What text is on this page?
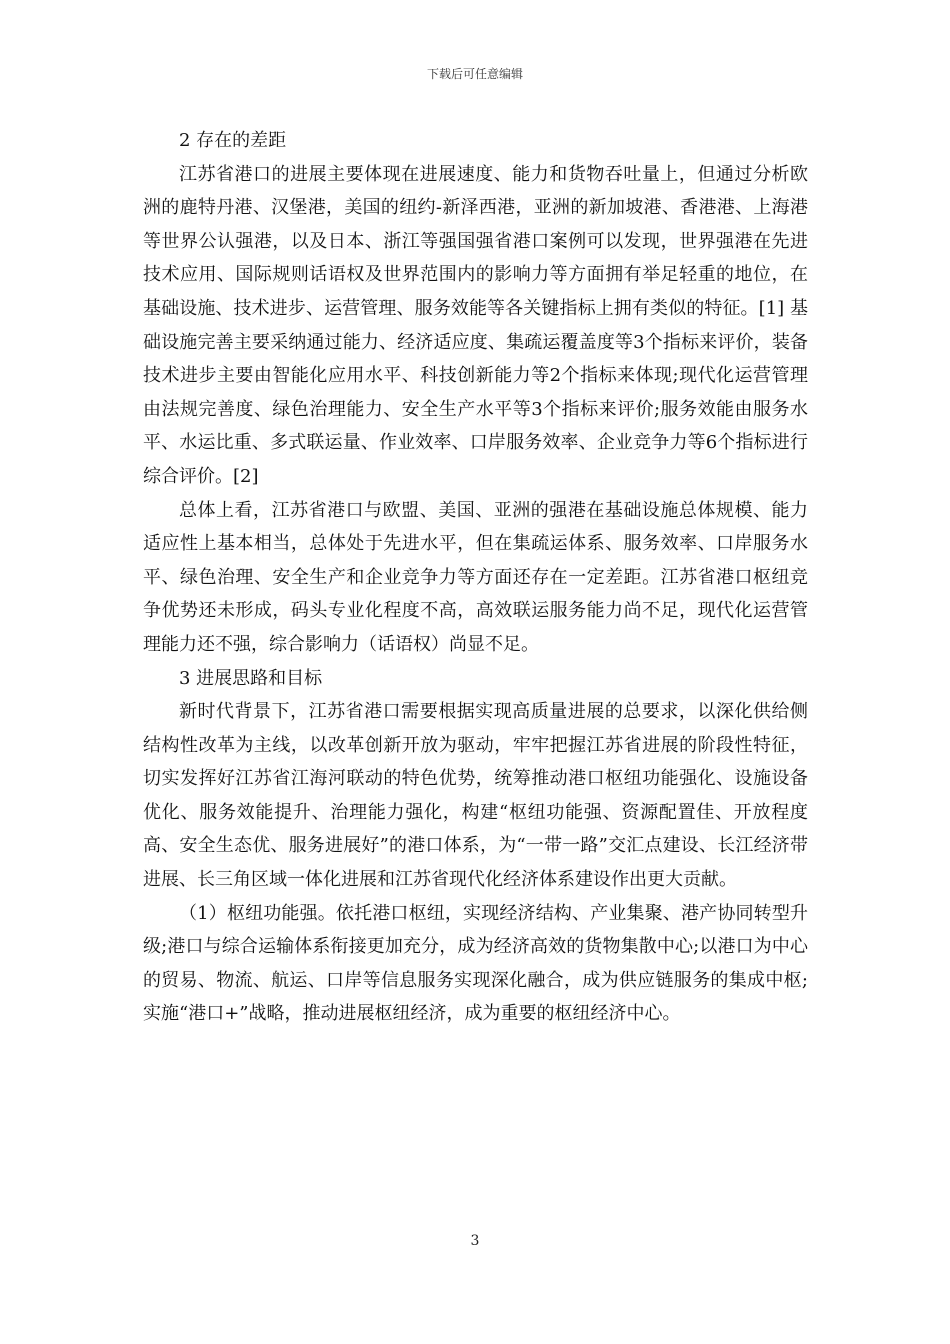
下载后可任意编辑

2 存在的差距

江苏省港口的进展主要体现在进展速度、能力和货物吞吐量上，但通过分析欧洲的鹿特丹港、汉堡港，美国的纽约-新泽西港，亚洲的新加坡港、香港港、上海港等世界公认强港，以及日本、浙江等强国强省港口案例可以发现，世界强港在先进技术应用、国际规则话语权及世界范围内的影响力等方面拥有举足轻重的地位，在基础设施、技术进步、运营管理、服务效能等各关键指标上拥有类似的特征。[1] 基础设施完善主要采纳通过能力、经济适应度、集疏运覆盖度等3个指标来评价，装备技术进步主要由智能化应用水平、科技创新能力等2个指标来体现;现代化运营管理由法规完善度、绿色治理能力、安全生产水平等3个指标来评价;服务效能由服务水平、水运比重、多式联运量、作业效率、口岸服务效率、企业竞争力等6个指标进行综合评价。[2]

总体上看，江苏省港口与欧盟、美国、亚洲的强港在基础设施总体规模、能力适应性上基本相当，总体处于先进水平，但在集疏运体系、服务效率、口岸服务水平、绿色治理、安全生产和企业竞争力等方面还存在一定差距。江苏省港口枢纽竞争优势还未形成，码头专业化程度不高，高效联运服务能力尚不足，现代化运营管理能力还不强，综合影响力（话语权）尚显不足。

3 进展思路和目标

新时代背景下，江苏省港口需要根据实现高质量进展的总要求，以深化供给侧结构性改革为主线，以改革创新开放为驱动，牢牢把握江苏省进展的阶段性特征，切实发挥好江苏省江海河联动的特色优势，统筹推动港口枢纽功能强化、设施设备优化、服务效能提升、治理能力强化，构建“枢纽功能强、资源配置佳、开放程度高、安全生态优、服务进展好”的港口体系，为“一带一路”交汇点建设、长江经济带进展、长三角区域一体化进展和江苏省现代化经济体系建设作出更大贡献。

（1）枢纽功能强。依托港口枢纽，实现经济结构、产业集聚、港产协同转型升级;港口与综合运输体系衔接更加充分，成为经济高效的货物集散中心;以港口为中心的贸易、物流、航运、口岸等信息服务实现深化融合，成为供应链服务的集成中枢;实施“港口+”战略，推动进展枢纽经济，成为重要的枢纽经济中心。

3
